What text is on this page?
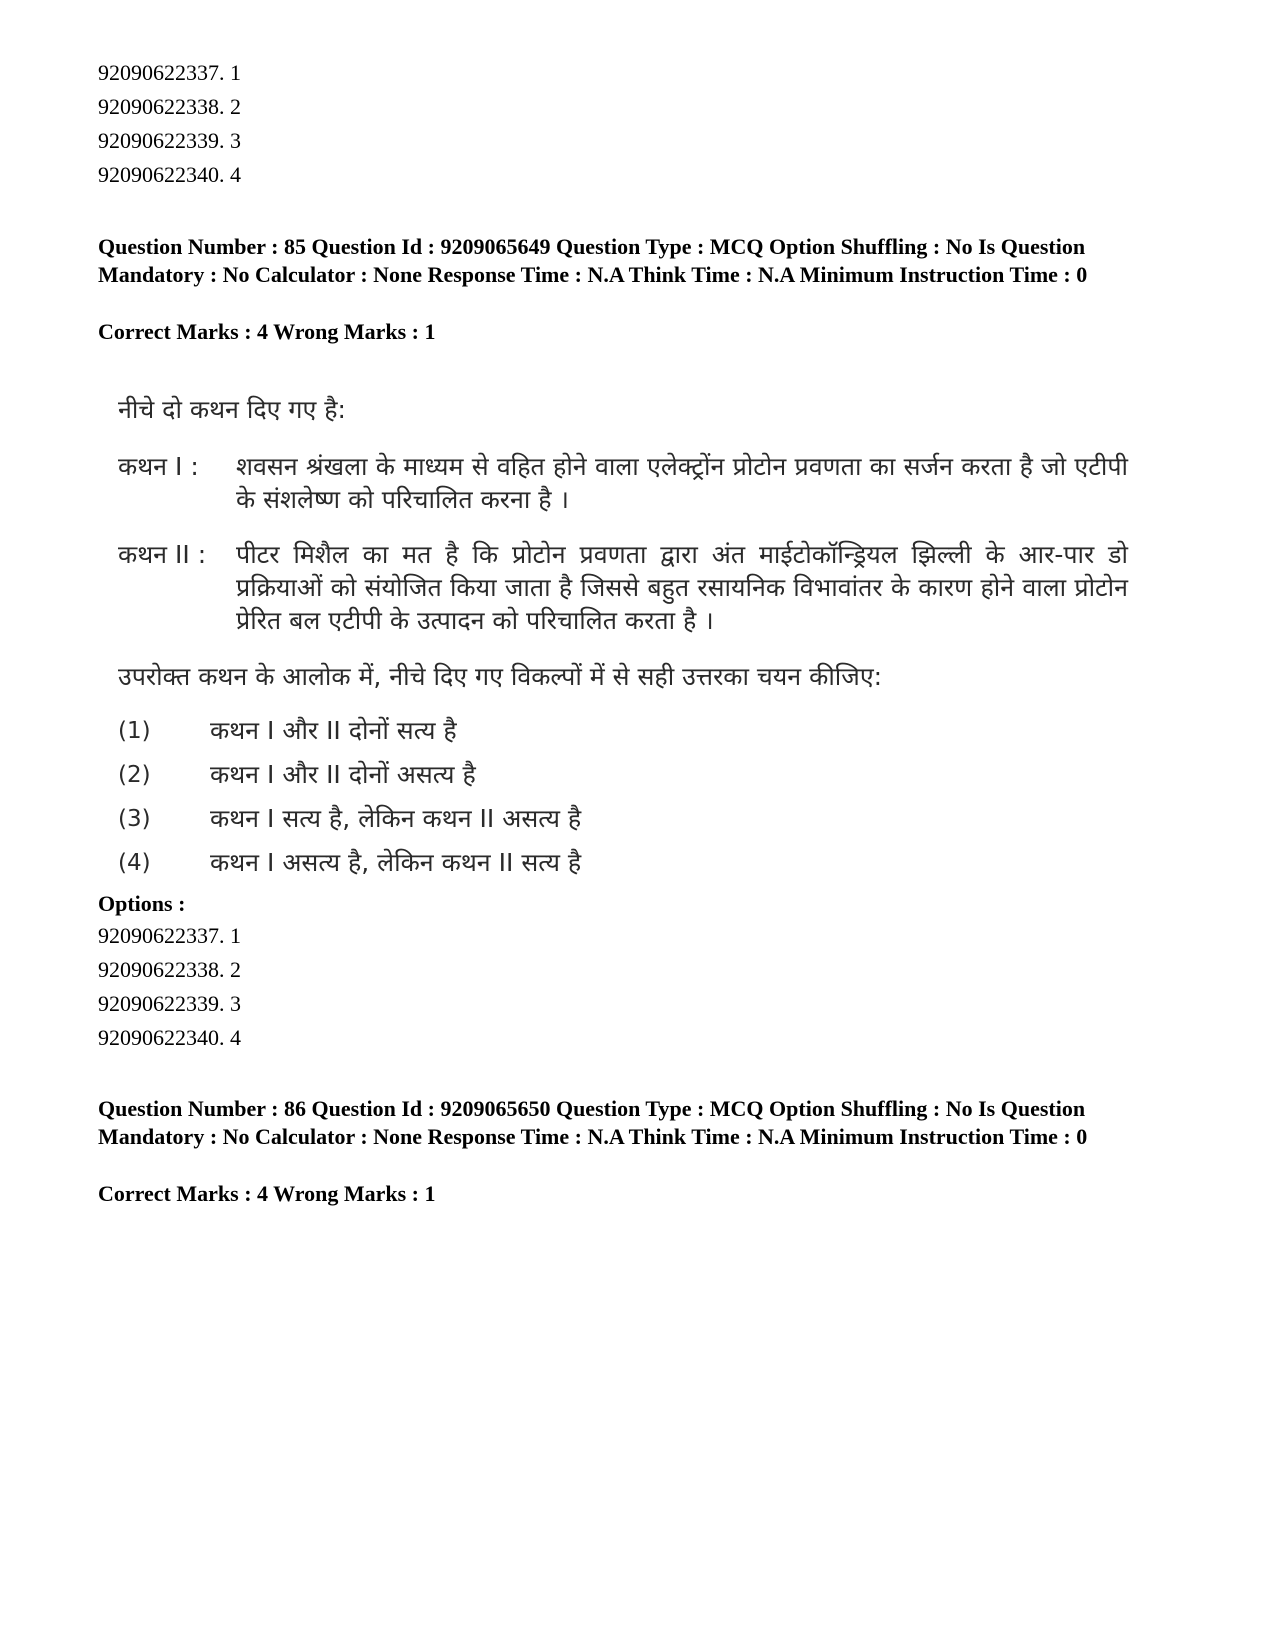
92090622337. 1
92090622338. 2
92090622339. 3
92090622340. 4

Question Number : 85 Question Id : 9209065649 Question Type : MCQ Option Shuffling : No Is Question Mandatory : No Calculator : None Response Time : N.A Think Time : N.A Minimum Instruction Time : 0

Correct Marks : 4 Wrong Marks : 1

नीचे दो कथन दिए गए है:

कथन I :	शवसन श्रंखला के माध्यम से वहित होने वाला एलेक्ट्रोंन प्रोटोन प्रवणता का सर्जन करता है जो एटीपी के संशलेष्ण को परिचालित करना है ।
कथन II :	पीटर मिशैल का मत है कि प्रोटोन प्रवणता द्वारा अंत माईटोकॉन्ड्रियल झिल्ली के आर-पार डो प्रक्रियाओं को संयोजित किया जाता है जिससे बहुत रसायनिक विभावांतर के कारण होने वाला प्रोटोन प्रेरित बल एटीपी के उत्पादन को परिचालित करता है ।

उपरोक्त कथन के आलोक में, नीचे दिए गए विकल्पों में से सही उत्तरका चयन कीजिए:

(1)	कथन I और II दोनों सत्य है
(2)	कथन I और II दोनों असत्य है
(3)	कथन I सत्य है, लेकिन कथन II असत्य है
(4)	कथन I असत्य है, लेकिन कथन II सत्य है
Options :
92090622337. 1
92090622338. 2
92090622339. 3
92090622340. 4

Question Number : 86 Question Id : 9209065650 Question Type : MCQ Option Shuffling : No Is Question Mandatory : No Calculator : None Response Time : N.A Think Time : N.A Minimum Instruction Time : 0

Correct Marks : 4 Wrong Marks : 1
